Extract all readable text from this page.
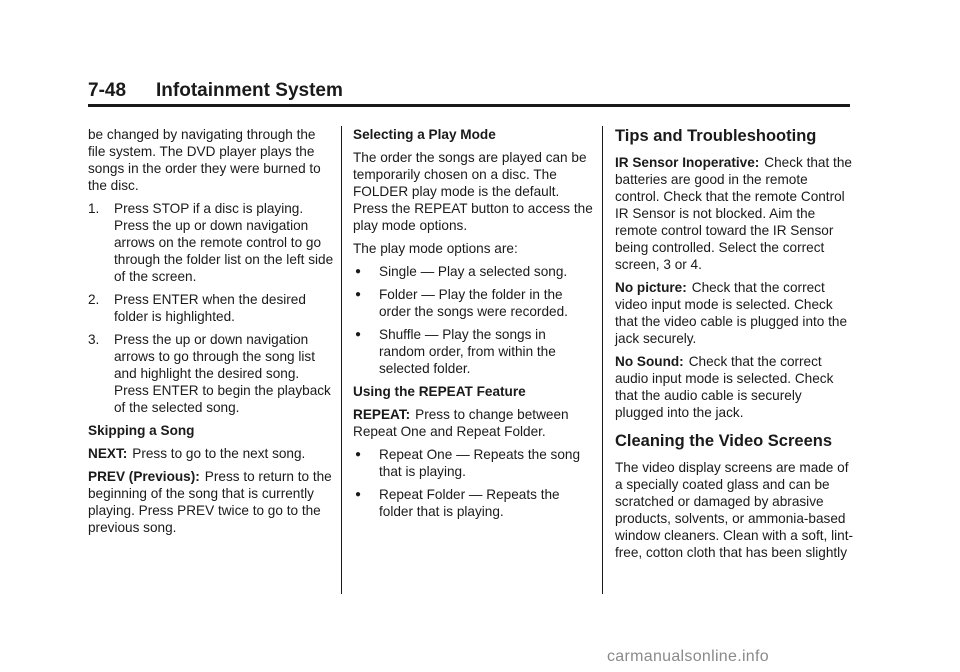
7-48 Infotainment System

be changed by navigating through the file system. The DVD player plays the songs in the order they were burned to the disc.

1. Press STOP if a disc is playing. Press the up or down navigation arrows on the remote control to go through the folder list on the left side of the screen.
2. Press ENTER when the desired folder is highlighted.
3. Press the up or down navigation arrows to go through the song list and highlight the desired song. Press ENTER to begin the playback of the selected song.

Skipping a Song

NEXT: Press to go to the next song.

PREV (Previous): Press to return to the beginning of the song that is currently playing. Press PREV twice to go to the previous song.

Selecting a Play Mode

The order the songs are played can be temporarily chosen on a disc. The FOLDER play mode is the default. Press the REPEAT button to access the play mode options.

The play mode options are:

● Single — Play a selected song.
● Folder — Play the folder in the order the songs were recorded.
● Shuffle — Play the songs in random order, from within the selected folder.

Using the REPEAT Feature

REPEAT: Press to change between Repeat One and Repeat Folder.

● Repeat One — Repeats the song that is playing.
● Repeat Folder — Repeats the folder that is playing.
Tips and Troubleshooting

IR Sensor Inoperative: Check that the batteries are good in the remote control. Check that the remote Control IR Sensor is not blocked. Aim the remote control toward the IR Sensor being controlled. Select the correct screen, 3 or 4.

No picture: Check that the correct video input mode is selected. Check that the video cable is plugged into the jack securely.

No Sound: Check that the correct audio input mode is selected. Check that the audio cable is securely plugged into the jack.

Cleaning the Video Screens

The video display screens are made of a specially coated glass and can be scratched or damaged by abrasive products, solvents, or ammonia-based window cleaners. Clean with a soft, lint-free, cotton cloth that has been slightly

carmanualsonline.info
